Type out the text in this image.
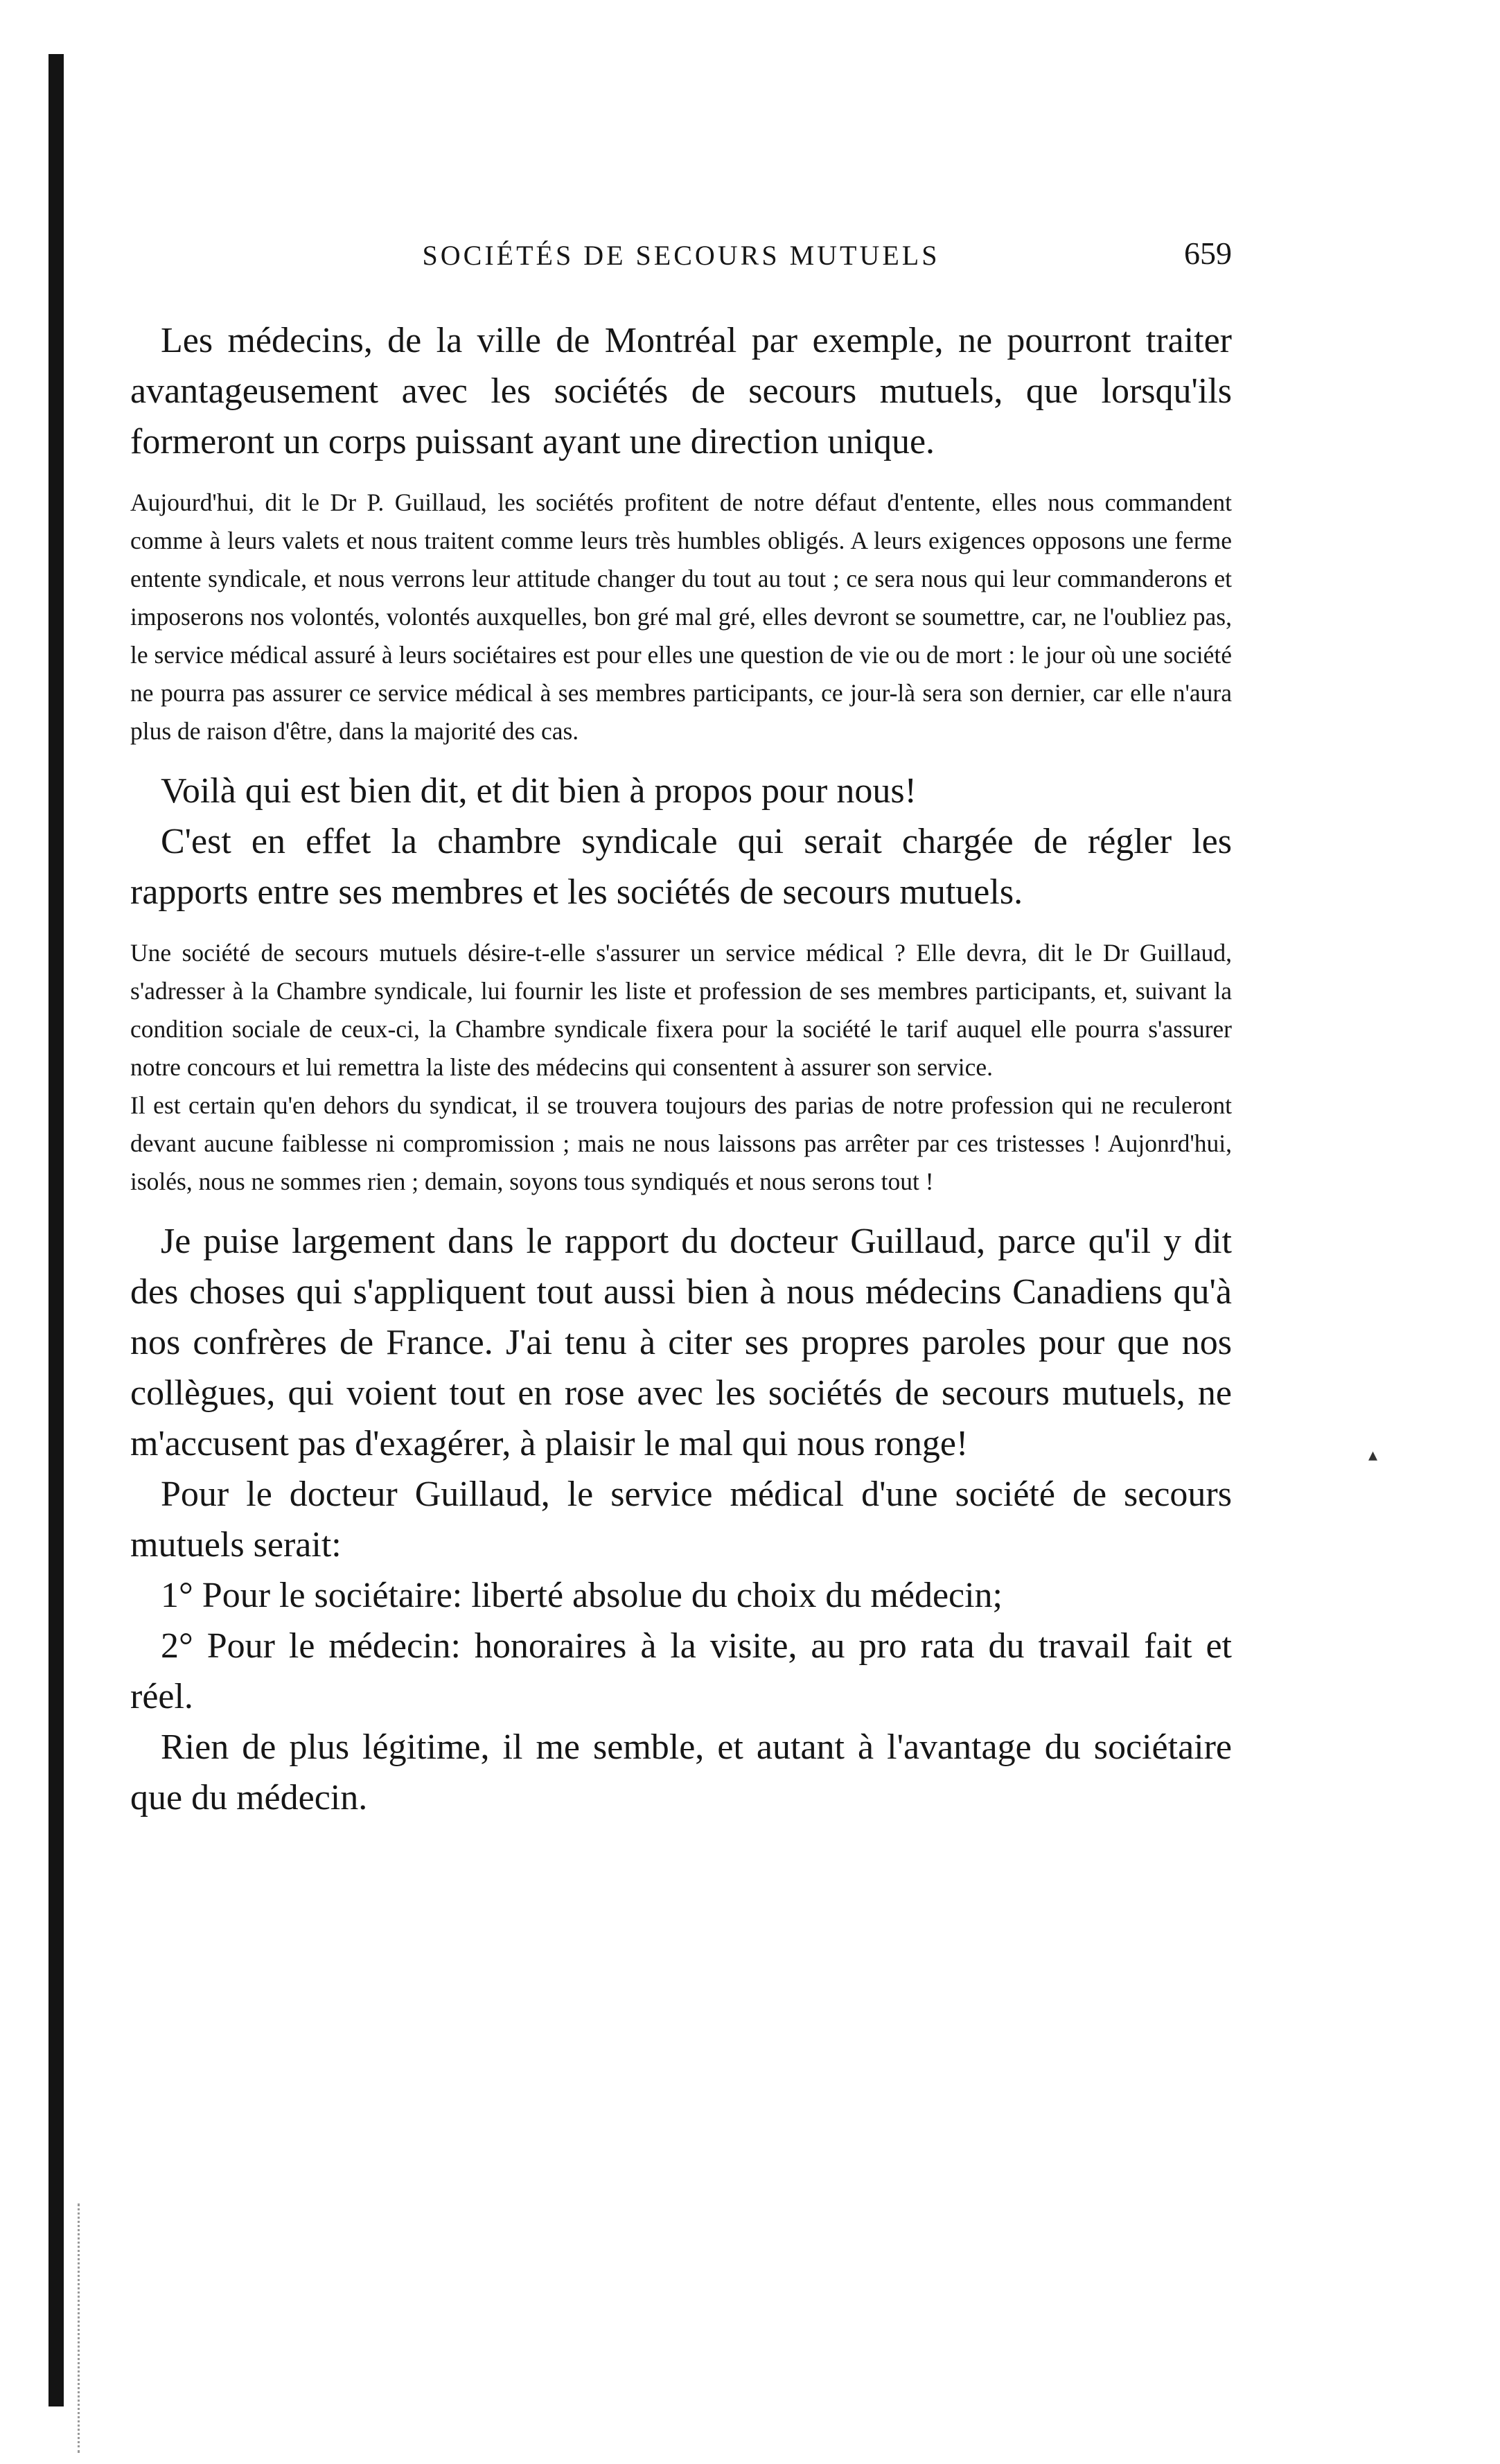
▴
SOCIÉTÉS DE SECOURS MUTUELS	659

Les médecins, de la ville de Montréal par exemple, ne pourront traiter avantageusement avec les sociétés de secours mutuels, que lorsqu'ils formeront un corps puissant ayant une direction unique.

Aujourd'hui, dit le Dr P. Guillaud, les sociétés profitent de notre défaut d'entente, elles nous commandent comme à leurs valets et nous traitent comme leurs très humbles obligés. A leurs exigences opposons une ferme entente syndicale, et nous verrons leur attitude changer du tout au tout ; ce sera nous qui leur commanderons et imposerons nos volontés, volontés auxquelles, bon gré mal gré, elles devront se soumettre, car, ne l'oubliez pas, le service médical assuré à leurs sociétaires est pour elles une question de vie ou de mort : le jour où une société ne pourra pas assurer ce service médical à ses membres participants, ce jour-là sera son dernier, car elle n'aura plus de raison d'être, dans la majorité des cas.

Voilà qui est bien dit, et dit bien à propos pour nous!

C'est en effet la chambre syndicale qui serait chargée de régler les rapports entre ses membres et les sociétés de secours mutuels.

Une société de secours mutuels désire-t-elle s'assurer un service médical ? Elle devra, dit le Dr Guillaud, s'adresser à la Chambre syndicale, lui fournir les liste et profession de ses membres participants, et, suivant la condition sociale de ceux-ci, la Chambre syndicale fixera pour la société le tarif auquel elle pourra s'assurer notre concours et lui remettra la liste des médecins qui consentent à assurer son service.

Il est certain qu'en dehors du syndicat, il se trouvera toujours des parias de notre profession qui ne reculeront devant aucune faiblesse ni compromission ; mais ne nous laissons pas arrêter par ces tristesses ! Aujonrd'hui, isolés, nous ne sommes rien ; demain, soyons tous syndiqués et nous serons tout !

Je puise largement dans le rapport du docteur Guillaud, parce qu'il y dit des choses qui s'appliquent tout aussi bien à nous médecins Canadiens qu'à nos confrères de France. J'ai tenu à citer ses propres paroles pour que nos collègues, qui voient tout en rose avec les sociétés de secours mutuels, ne m'accusent pas d'exagérer, à plaisir le mal qui nous ronge!

Pour le docteur Guillaud, le service médical d'une société de secours mutuels serait:

1° Pour le sociétaire: liberté absolue du choix du médecin;

2° Pour le médecin: honoraires à la visite, au pro rata du travail fait et réel.

Rien de plus légitime, il me semble, et autant à l'avantage du sociétaire que du médecin.
